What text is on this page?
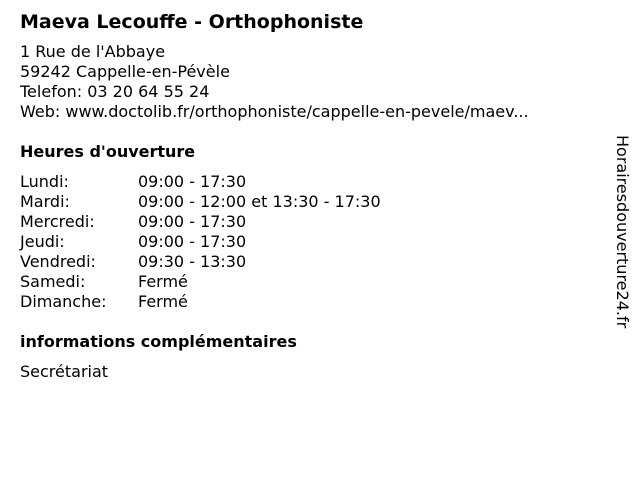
Maeva Lecouffe - Orthophoniste
1 Rue de l'Abbaye
59242 Cappelle-en-Pévèle
Telefon: 03 20 64 55 24
Web: www.doctolib.fr/orthophoniste/cappelle-en-pevele/maev...
Heures d'ouverture
Lundi:	09:00 - 17:30
Mardi:	09:00 - 12:00 et 13:30 - 17:30
Mercredi:	09:00 - 17:30
Jeudi:	09:00 - 17:30
Vendredi:	09:30 - 13:30
Samedi:	Fermé
Dimanche:	Fermé
informations complémentaires
Secrétariat
Horairesdouverture24.fr
